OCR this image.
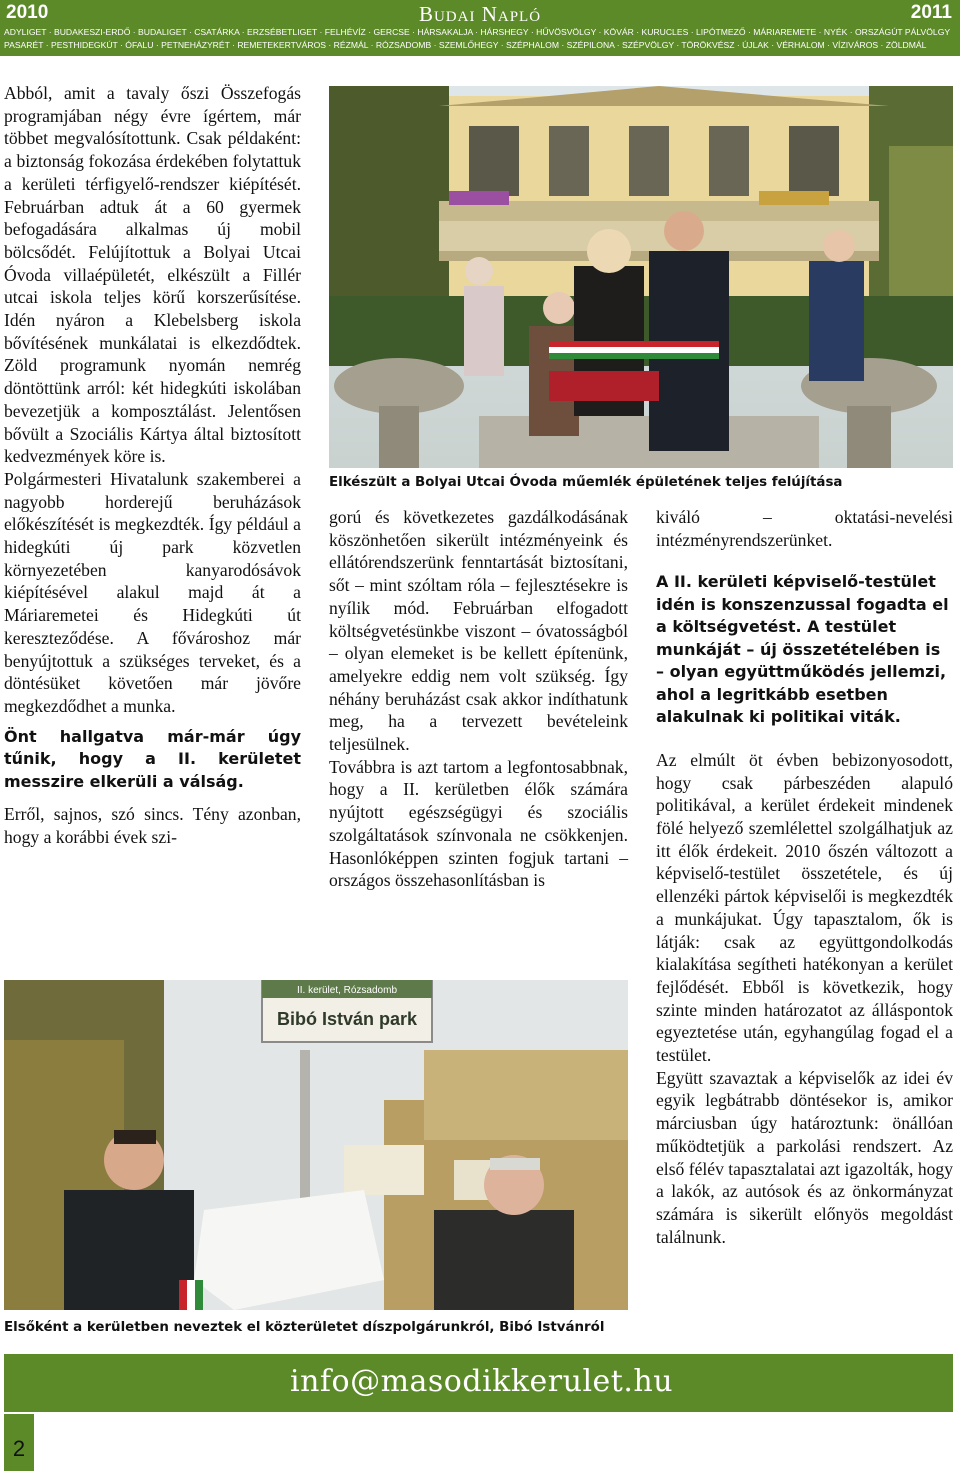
2010	Budai Napló	2011
ADYLIGET · BUDAKESZI-ERDŐ · BUDALIGET · CSATÁRKA · ERZSÉBETLIGET · FELHÉVÍZ · GERCSE · HÁRSAKALJA · HÁRSHEGY · HŰVÖSVÖLGY · KÖVÁR · KURUCLES · LIPÓTMEZŐ · MÁRIAREMETE · NYÉK · ORSZÁGÚT PÁLVÖLGY
PASARÉT · PESTHIDEGKÚT · ÓFALU · PETNEHÁZYRÉT · REMETEKERTVÁROS · RÉZMÁL · RÓZSADOMB · SZEMLŐHEGY · SZÉPHALOM · SZÉPILONA · SZÉPVÖLGY · TÖRÖKVÉSZ · ÚJLAK · VÉRHALOM · VÍZIVÁROS · ZÖLDMÁL

Abból, amit a tavaly őszi Összefogás programjában négy évre ígértem, már többet megvalósítottunk. Csak példaként: a biztonság fokozása érdekében folytattuk a kerületi térfigyelő-rendszer kiépítését. Februárban adtuk át a 60 gyermek befogadására alkalmas új mobil bölcsődét. Felújítottuk a Bolyai Utcai Óvoda villaépületét, elkészült a Fillér utcai iskola teljes körű korszerűsítése. Idén nyáron a Klebelsberg iskola bővítésének munkálatai is elkezdődtek. Zöld programunk nyomán nemrég döntöttünk arról: két hidegkúti iskolában bevezetjük a komposztálást. Jelentősen bővült a Szociális Kártya által biztosított kedvezmények köre is.

Polgármesteri Hivatalunk szakemberei a nagyobb horderejű beruházások előkészítését is megkezdték. Így például a hidegkúti új park közvetlen környezetében kanyarodósávok kiépítésével alakul majd át a Máriaremetei és Hidegkúti út kereszteződése. A fővároshoz már benyújtottuk a szükséges terveket, és a döntésüket követően már jövőre megkezdődhet a munka.

Önt hallgatva már-már úgy tűnik, hogy a II. kerületet messzire elkerüli a válság.

Erről, sajnos, szó sincs. Tény azonban, hogy a korábbi évek szi-

Elkészült a Bolyai Utcai Óvoda műemlék épületének teljes felújítása

gorú és következetes gazdálkodásának köszönhetően sikerült intézményeink és ellátórendszerünk fenntartását biztosítani, sőt – mint szóltam róla – fejlesztésekre is nyílik mód. Februárban elfogadott költségvetésünkbe viszont – óvatosságból – olyan elemeket is be kellett építenünk, amelyekre eddig nem volt szükség. Így néhány beruházást csak akkor indíthatunk meg, ha a tervezett bevételeink teljesülnek.

Továbbra is azt tartom a legfontosabbnak, hogy a II. kerületben élők számára nyújtott egészségügyi és szociális szolgáltatások színvonala ne csökkenjen. Hasonlóképpen szinten fogjuk tartani – országos összehasonlításban is

kiváló – oktatási-nevelési intézményrendszerünket.

A II. kerületi képviselő-testület idén is konszenzussal fogadta el a költségvetést. A testület munkáját – új összetételében is – olyan együttműködés jellemzi, ahol a legritkább esetben alakulnak ki politikai viták.

Az elmúlt öt évben bebizonyosodott, hogy csak párbeszéden alapuló politikával, a kerület érdekeit mindenek fölé helyező szemlélettel szolgálhatjuk az itt élők érdekeit. 2010 őszén változott a képviselő-testület összetétele, és új ellenzéki pártok képviselői is megkezdték a munkájukat. Úgy tapasztalom, ők is látják: csak az együttgondolkodás kialakítása segítheti hatékonyan a kerület fejlődését. Ebből is következik, hogy szinte minden határozatot az álláspontok egyeztetése után, egyhangúlag fogad el a testület.

Együtt szavaztak a képviselők az idei év egyik legbátrabb döntésekor is, amikor márciusban úgy határoztunk: önállóan működtetjük a parkolási rendszert. Az első félév tapasztalatai azt igazolták, hogy a lakók, az autósok és az önkormányzat számára is sikerült előnyös megoldást találnunk.

II. kerület, Rózsadomb
Bibó István park
Elsőként a kerületben neveztek el közterületet díszpolgárunkról, Bibó Istvánról
info@masodikkerulet.hu
2
